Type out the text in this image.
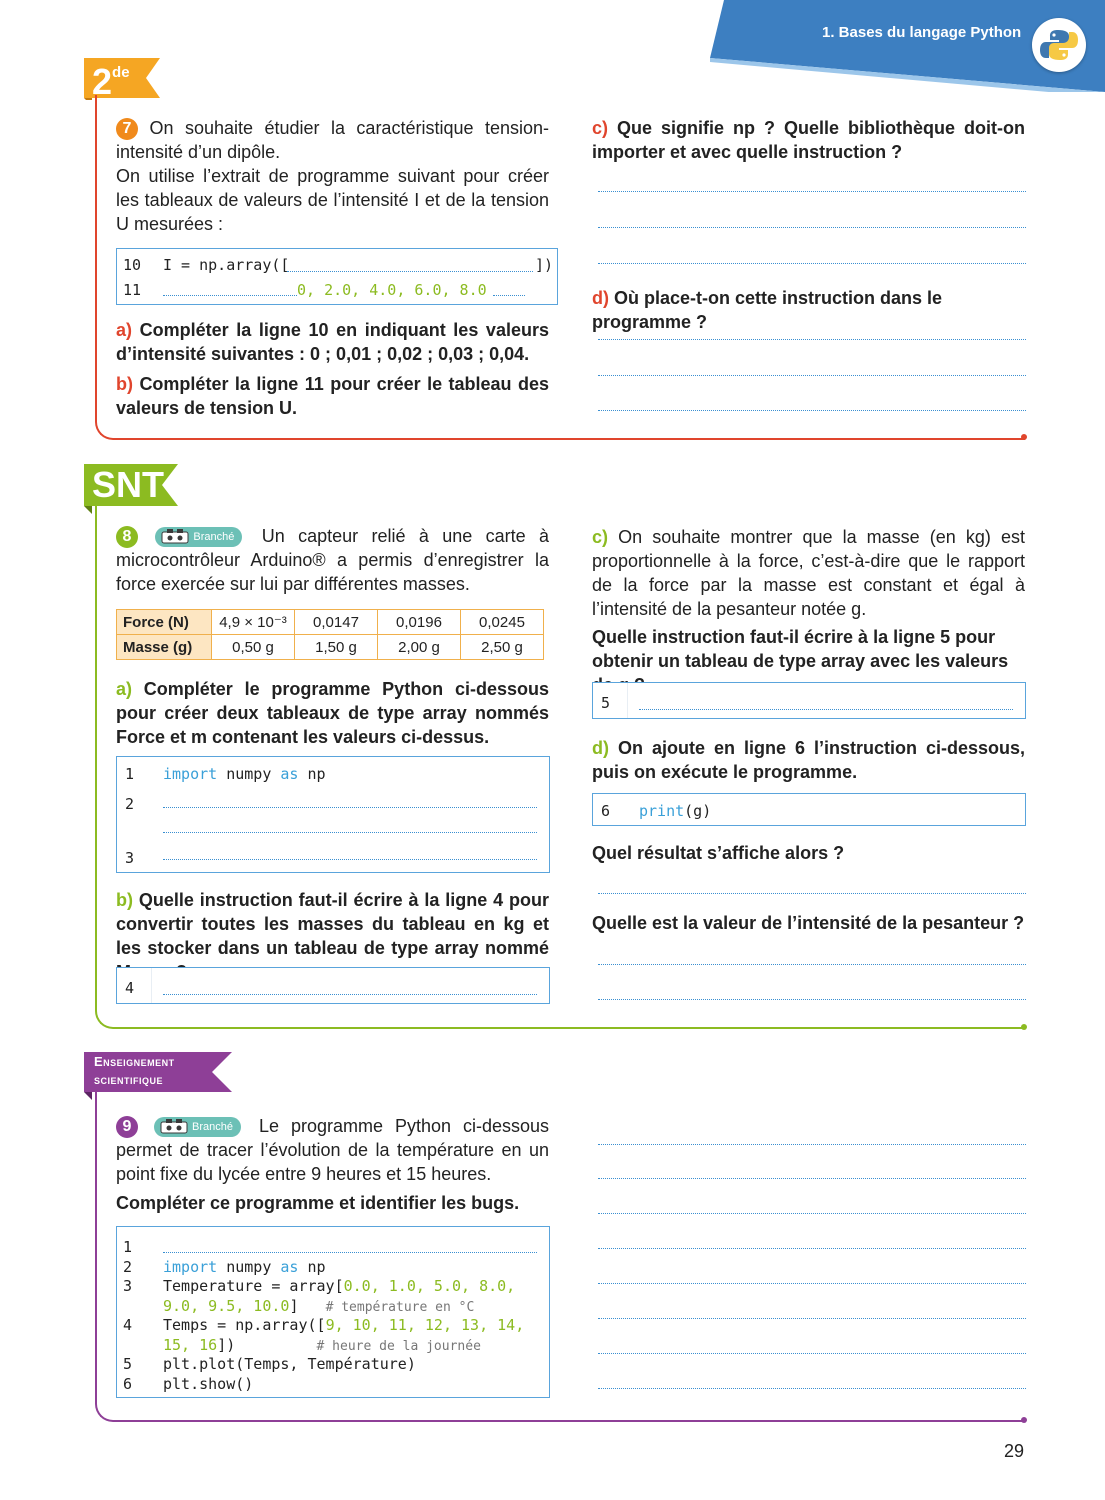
1. Bases du langage Python
2de
7 On souhaite étudier la caractéristique tension-intensité d’un dipôle.
On utilise l’extrait de programme suivant pour créer les tableaux de valeurs de l’intensité I et de la tension U mesurées :
10 I = np.array([	])
11	0, 2.0, 4.0, 6.0, 8.0
a) Compléter la ligne 10 en indiquant les valeurs d’intensité suivantes : 0 ; 0,01 ; 0,02 ; 0,03 ; 0,04.
b) Compléter la ligne 11 pour créer le tableau des valeurs de tension U.
c) Que signifie np ? Quelle bibliothèque doit-on importer et avec quelle instruction ?
d) Où place-t-on cette instruction dans le programme ?
SNT
8	Branché Un capteur relié à une carte à microcontrôleur Arduino® a permis d’enregistrer la force exercée sur lui par différentes masses.
Force (N)	4,9 × 10⁻³	0,0147	0,0196	0,0245
Masse (g)	0,50 g	1,50 g	2,00 g	2,50 g
a) Compléter le programme Python ci-dessous pour créer deux tableaux de type array nommés Force et m contenant les valeurs ci-dessus.
1	import numpy as np
2
3
b) Quelle instruction faut-il écrire à la ligne 4 pour convertir toutes les masses du tableau en kg et les stocker dans un tableau de type array nommé
4
c) On souhaite montrer que la masse (en kg) est proportionnelle à la force, c’est-à-dire que le rapport de la force par la masse est constant et égal à l’intensité de la pesanteur notée g.
Quelle instruction faut-il écrire à la ligne 5 pour obtenir un tableau de type array avec les valeurs
5
d) On ajoute en ligne 6 l’instruction ci-dessous, puis on exécute le programme.
6	print(g)
Quel résultat s’affiche alors ?
Quelle est la valeur de l’intensité de la pesanteur ?
Enseignement
scientifique
9	Branché Le programme Python ci-dessous permet de tracer l’évolution de la température en un point fixe du lycée entre 9 heures et 15 heures.
Compléter ce programme et identifier les bugs.
1
2	import numpy as np
3	Temperature = array[0.0, 1.0, 5.0, 8.0,
9.0, 9.5, 10.0] # température en °C
4	Temps = np.array([9, 10, 11, 12, 13, 14,
15, 16])	# heure de la journée
5	plt.plot(Temps, Température)
6	plt.show()
29
